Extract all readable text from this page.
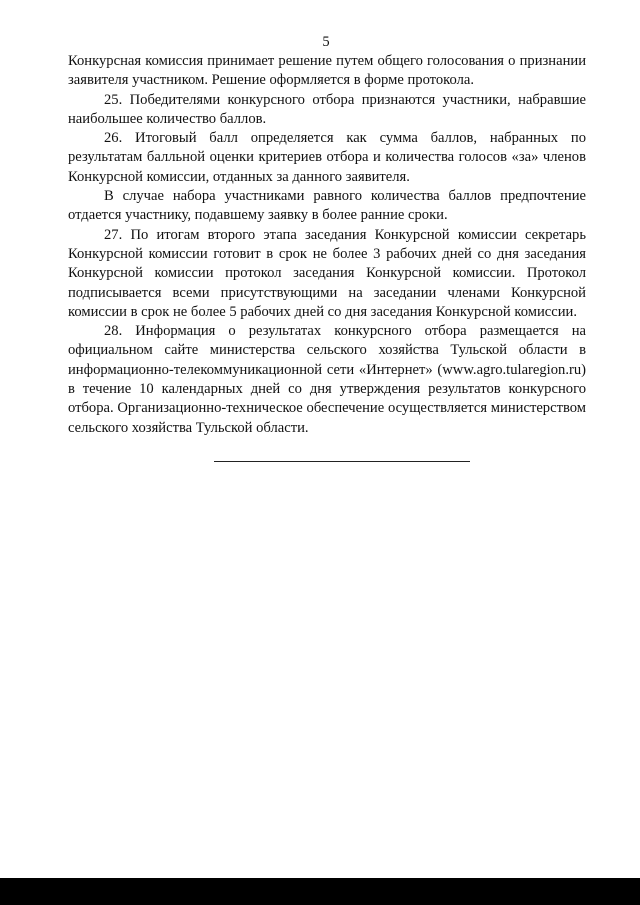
5

Конкурсная комиссия принимает решение путем общего голосования о признании заявителя участником. Решение оформляется в форме протокола.

25. Победителями конкурсного отбора признаются участники, набравшие наибольшее количество баллов.

26. Итоговый балл определяется как сумма баллов, набранных по результатам балльной оценки критериев отбора и количества голосов «за» членов Конкурсной комиссии, отданных за данного заявителя.

В случае набора участниками равного количества баллов предпочтение отдается участнику, подавшему заявку в более ранние сроки.

27. По итогам второго этапа заседания Конкурсной комиссии секретарь Конкурсной комиссии готовит в срок не более 3 рабочих дней со дня заседания Конкурсной комиссии протокол заседания Конкурсной комиссии. Протокол подписывается всеми присутствующими на заседании членами Конкурсной комиссии в срок не более 5 рабочих дней со дня заседания Конкурсной комиссии.

28. Информация о результатах конкурсного отбора размещается на официальном сайте министерства сельского хозяйства Тульской области в информационно-телекоммуникационной сети «Интернет» (www.agro.tularegion.ru) в течение 10 календарных дней со дня утверждения результатов конкурсного отбора. Организационно-техническое обеспечение осуществляется министерством сельского хозяйства Тульской области.
